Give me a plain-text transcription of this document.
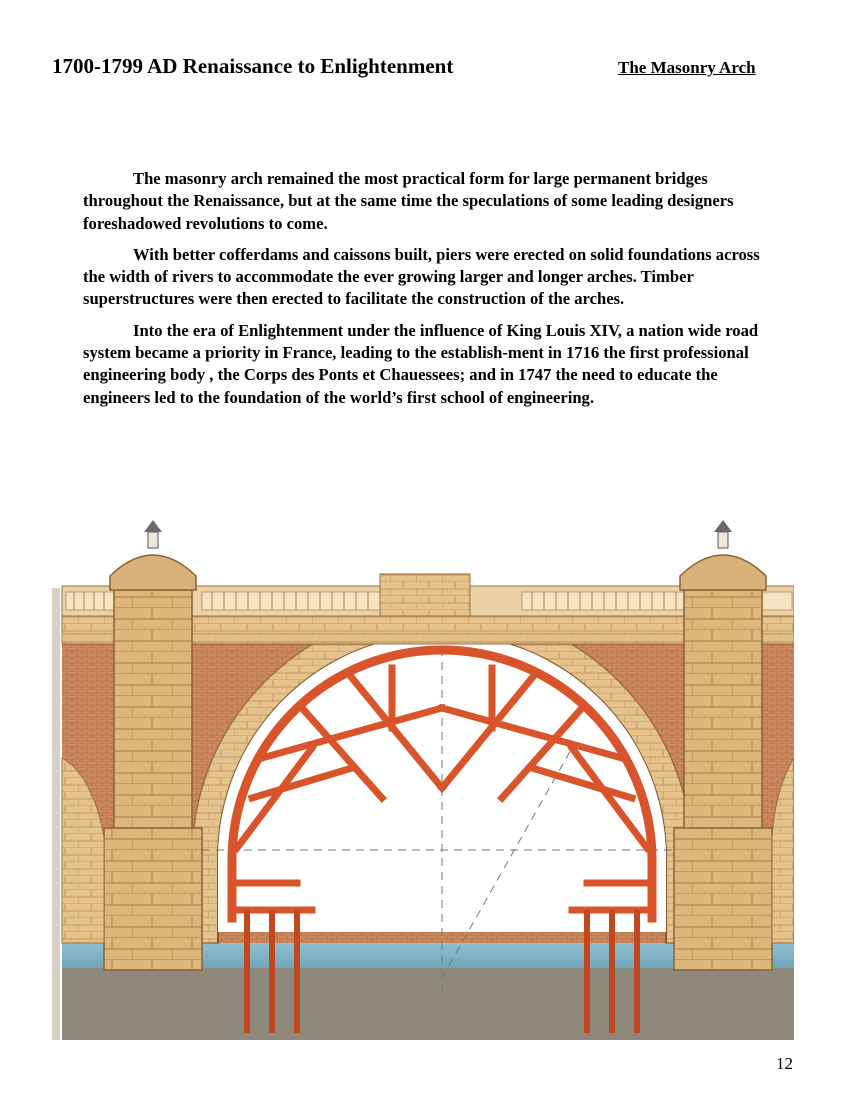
1700-1799 AD Renaissance to Enlightenment	The Masonry Arch

The masonry arch remained the most practical form for large permanent bridges throughout the Renaissance, but at the same time the speculations of some leading designers foreshadowed revolutions to come.

With better cofferdams and caissons built, piers were erected on solid foundations across the width of rivers to accommodate the ever growing larger and longer arches. Timber superstructures were then erected to facilitate the construction of the arches.

Into the era of Enlightenment under the influence of King Louis XIV, a nation wide road system became a priority in France, leading to the establish-ment in 1716 the first professional engineering body , the Corps des Ponts et Chauessees; and in 1747 the need to educate the engineers led to the foundation of the world’s first school of engineering.

12
